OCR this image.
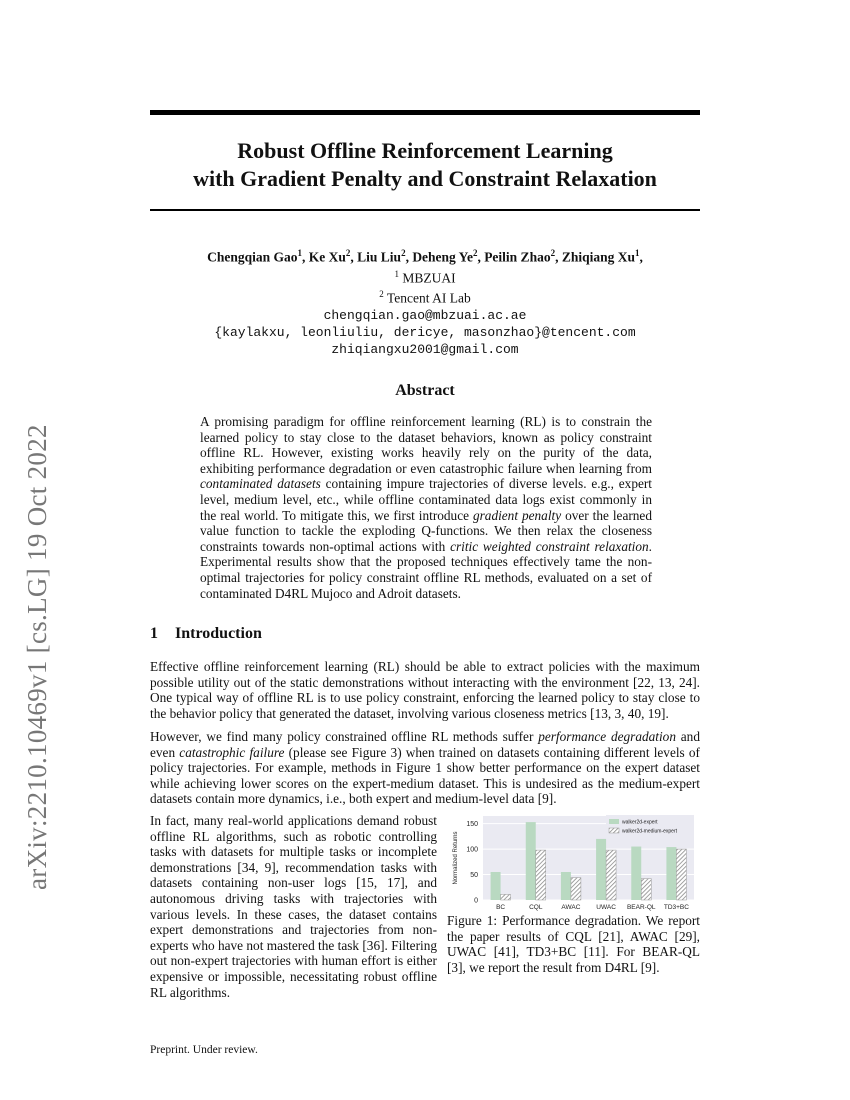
arXiv:2210.10469v1 [cs.LG] 19 Oct 2022
Robust Offline Reinforcement Learning
with Gradient Penalty and Constraint Relaxation
Chengqian Gao$^1$, Ke Xu$^2$, Liu Liu$^2$, Deheng Ye$^2$, Peilin Zhao$^2$, Zhiqiang Xu$^1$,
$^1$ MBZUAI
$^2$ Tencent AI Lab
chengqian.gao@mbzuai.ac.ae
{kaylakxu, leonliuliu, dericye, masonzhao}@tencent.com
zhiqiangxu2001@gmail.com
Abstract
A promising paradigm for offline reinforcement learning (RL) is to constrain the learned policy to stay close to the dataset behaviors, known as policy constraint offline RL. However, existing works heavily rely on the purity of the data, exhibiting performance degradation or even catastrophic failure when learning from contaminated datasets containing impure trajectories of diverse levels. e.g., expert level, medium level, etc., while offline contaminated data logs exist commonly in the real world. To mitigate this, we first introduce gradient penalty over the learned value function to tackle the exploding Q-functions. We then relax the closeness constraints towards non-optimal actions with critic weighted constraint relaxation. Experimental results show that the proposed techniques effectively tame the non-optimal trajectories for policy constraint offline RL methods, evaluated on a set of contaminated D4RL Mujoco and Adroit datasets.
1 Introduction
Effective offline reinforcement learning (RL) should be able to extract policies with the maximum possible utility out of the static demonstrations without interacting with the environment [22, 13, 24]. One typical way of offline RL is to use policy constraint, enforcing the learned policy to stay close to the behavior policy that generated the dataset, involving various closeness metrics [13, 3, 40, 19].
However, we find many policy constrained offline RL methods suffer performance degradation and even catastrophic failure (please see Figure 3) when trained on datasets containing different levels of policy trajectories. For example, methods in Figure 1 show better performance on the expert dataset while achieving lower scores on the expert-medium dataset. This is undesired as the medium-expert datasets contain more dynamics, i.e., both expert and medium-level data [9].
In fact, many real-world applications demand robust offline RL algorithms, such as robotic controlling tasks with datasets for multiple tasks or incomplete demonstrations [34, 9], recommendation tasks with datasets containing non-user logs [15, 17], and autonomous driving tasks with trajectories with various levels. In these cases, the dataset contains expert demonstrations and trajectories from non-experts who have not mastered the task [36]. Filtering out non-expert trajectories with human effort is either expensive or impossible, necessitating robust offline RL algorithms.
0
50
100
150
Normalized Returns
BC	CQL	AWAC UWAC BEAR-QL TD3+BC
walker2d-expert
walker2d-medium-expert
Figure 1: Performance degradation. We report the paper results of CQL [21], AWAC [29], UWAC [41], TD3+BC [11]. For BEAR-QL [3], we report the result from D4RL [9].
Preprint. Under review.
